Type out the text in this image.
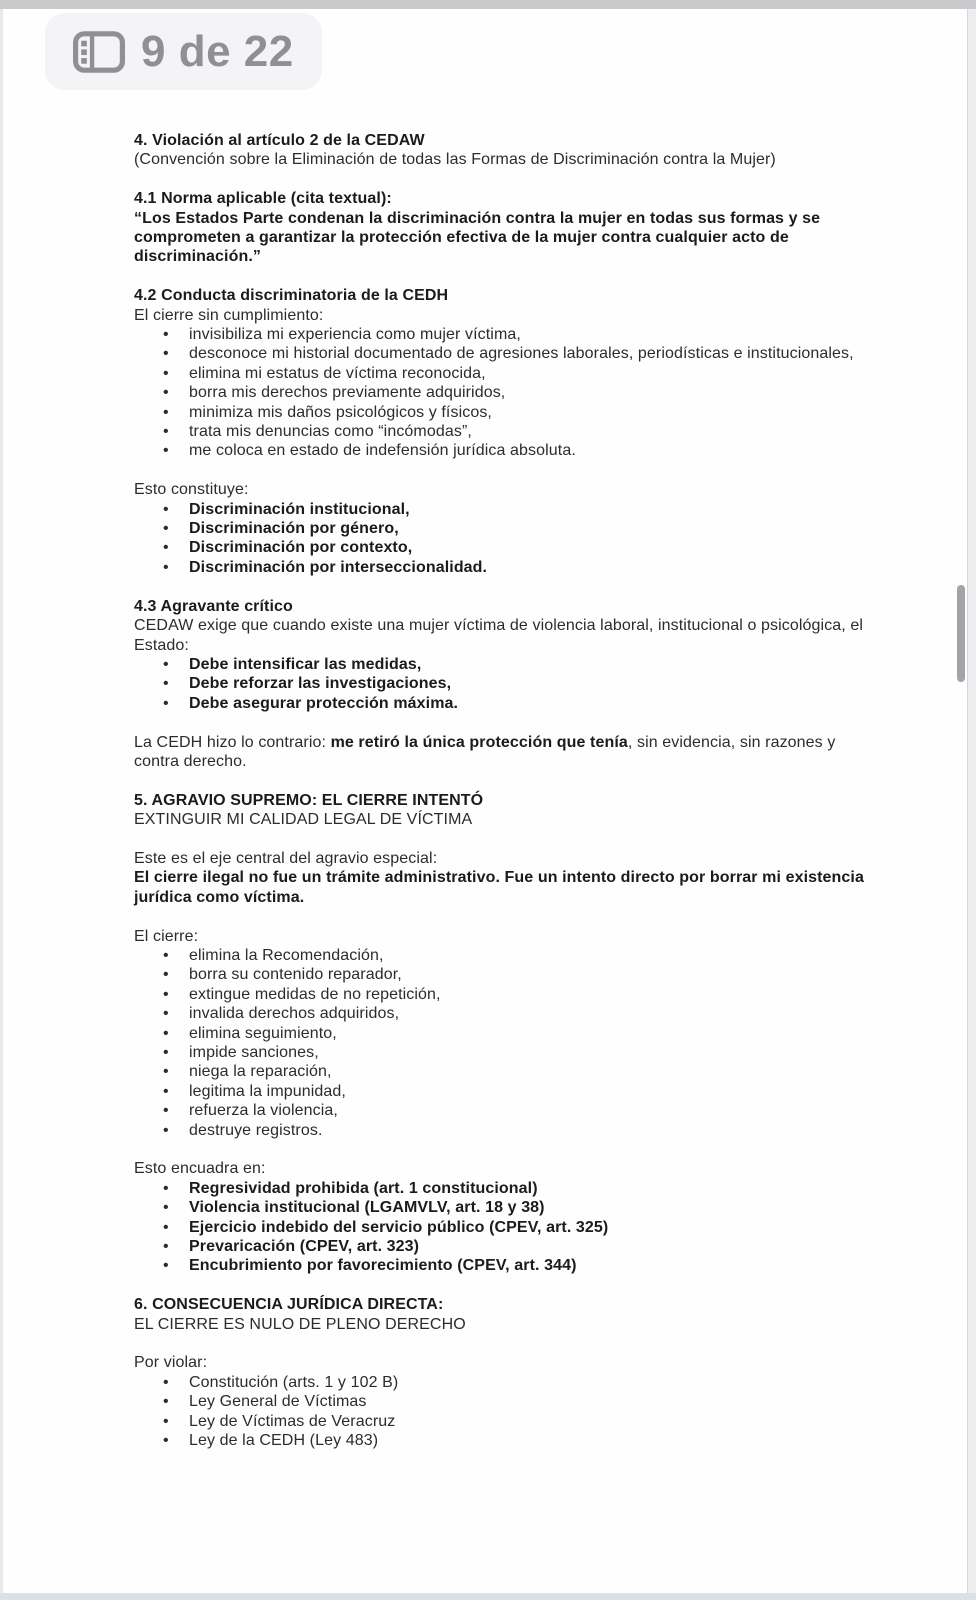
9 de 22

4. Violación al artículo 2 de la CEDAW

(Convención sobre la Eliminación de todas las Formas de Discriminación contra la Mujer)

4.1 Norma aplicable (cita textual):

“Los Estados Parte condenan la discriminación contra la mujer en todas sus formas y se comprometen a garantizar la protección efectiva de la mujer contra cualquier acto de discriminación.”

4.2 Conducta discriminatoria de la CEDH

El cierre sin cumplimiento:

• invisibiliza mi experiencia como mujer víctima,
• desconoce mi historial documentado de agresiones laborales, periodísticas e institucionales,
• elimina mi estatus de víctima reconocida,
• borra mis derechos previamente adquiridos,
• minimiza mis daños psicológicos y físicos,
• trata mis denuncias como “incómodas”,
• me coloca en estado de indefensión jurídica absoluta.

Esto constituye:

• Discriminación institucional,
• Discriminación por género,
• Discriminación por contexto,
• Discriminación por interseccionalidad.

4.3 Agravante crítico

CEDAW exige que cuando existe una mujer víctima de violencia laboral, institucional o psicológica, el Estado:

• Debe intensificar las medidas,
• Debe reforzar las investigaciones,
• Debe asegurar protección máxima.

La CEDH hizo lo contrario: me retiró la única protección que tenía, sin evidencia, sin razones y contra derecho.

5. AGRAVIO SUPREMO: EL CIERRE INTENTÓ

EXTINGUIR MI CALIDAD LEGAL DE VÍCTIMA

Este es el eje central del agravio especial:

El cierre ilegal no fue un trámite administrativo. Fue un intento directo por borrar mi existencia jurídica como víctima.

El cierre:

• elimina la Recomendación,
• borra su contenido reparador,
• extingue medidas de no repetición,
• invalida derechos adquiridos,
• elimina seguimiento,
• impide sanciones,
• niega la reparación,
• legitima la impunidad,
• refuerza la violencia,
• destruye registros.

Esto encuadra en:

• Regresividad prohibida (art. 1 constitucional)
• Violencia institucional (LGAMVLV, art. 18 y 38)
• Ejercicio indebido del servicio público (CPEV, art. 325)
• Prevaricación (CPEV, art. 323)
• Encubrimiento por favorecimiento (CPEV, art. 344)

6. CONSECUENCIA JURÍDICA DIRECTA:

EL CIERRE ES NULO DE PLENO DERECHO

Por violar:

• Constitución (arts. 1 y 102 B)
• Ley General de Víctimas
• Ley de Víctimas de Veracruz
• Ley de la CEDH (Ley 483)
